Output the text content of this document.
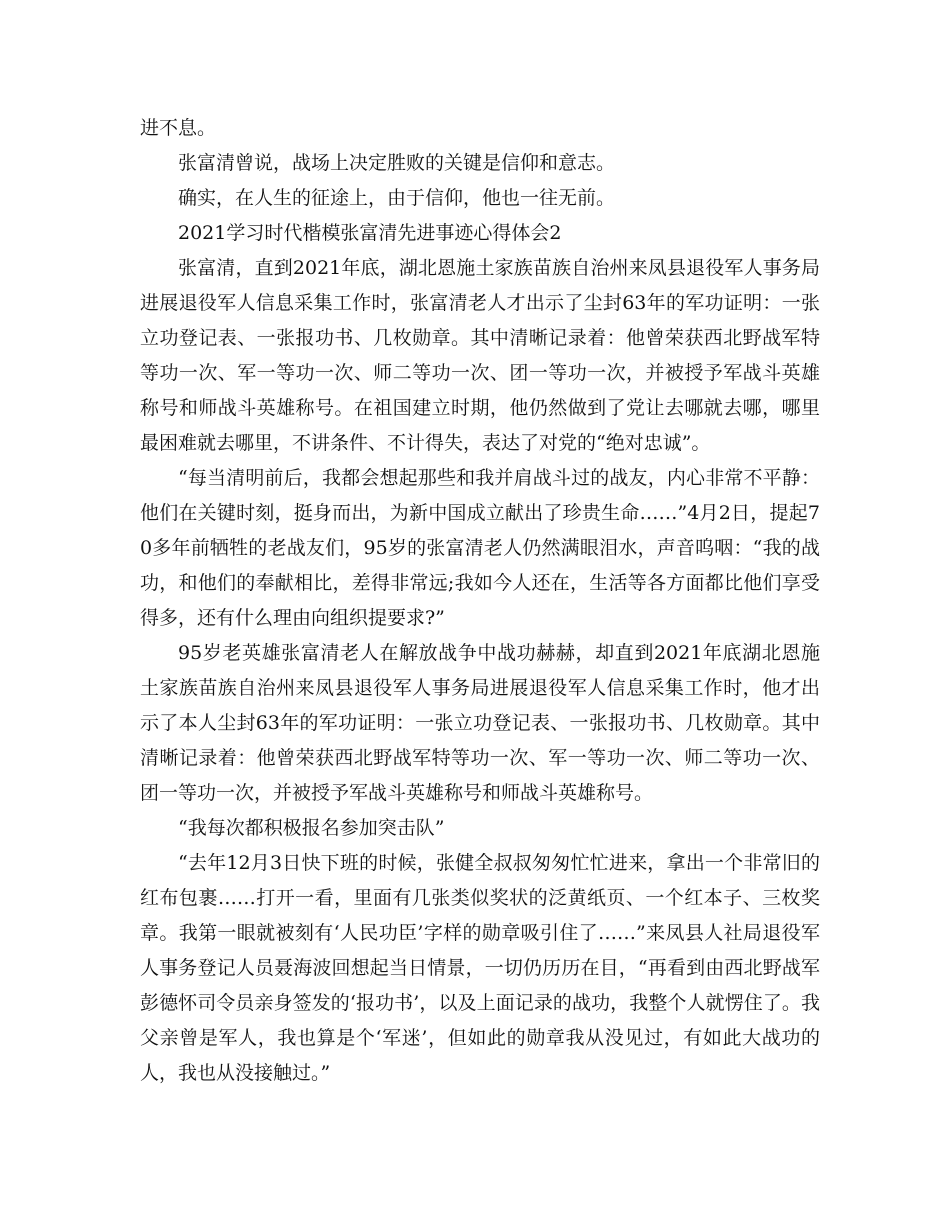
进不息。

张富清曾说，战场上决定胜败的关键是信仰和意志。

确实，在人生的征途上，由于信仰，他也一往无前。

2021学习时代楷模张富清先进事迹心得体会2

张富清，直到2021年底，湖北恩施土家族苗族自治州来凤县退役军人事务局进展退役军人信息采集工作时，张富清老人才出示了尘封63年的军功证明：一张立功登记表、一张报功书、几枚勋章。其中清晰记录着：他曾荣获西北野战军特等功一次、军一等功一次、师二等功一次、团一等功一次，并被授予军战斗英雄称号和师战斗英雄称号。在祖国建立时期，他仍然做到了党让去哪就去哪，哪里最困难就去哪里，不讲条件、不计得失，表达了对党的“绝对忠诚”。

“每当清明前后，我都会想起那些和我并肩战斗过的战友，内心非常不平静：他们在关键时刻，挺身而出，为新中国成立献出了珍贵生命……”4月2日，提起70多年前牺牲的老战友们，95岁的张富清老人仍然满眼泪水，声音呜咽：“我的战功，和他们的奉献相比，差得非常远;我如今人还在，生活等各方面都比他们享受得多，还有什么理由向组织提要求?”

95岁老英雄张富清老人在解放战争中战功赫赫，却直到2021年底湖北恩施土家族苗族自治州来凤县退役军人事务局进展退役军人信息采集工作时，他才出示了本人尘封63年的军功证明：一张立功登记表、一张报功书、几枚勋章。其中清晰记录着：他曾荣获西北野战军特等功一次、军一等功一次、师二等功一次、团一等功一次，并被授予军战斗英雄称号和师战斗英雄称号。

“我每次都积极报名参加突击队”

“去年12月3日快下班的时候，张健全叔叔匆匆忙忙进来，拿出一个非常旧的红布包裹……打开一看，里面有几张类似奖状的泛黄纸页、一个红本子、三枚奖章。我第一眼就被刻有‘人民功臣’字样的勋章吸引住了……”来凤县人社局退役军人事务登记人员聂海波回想起当日情景，一切仍历历在目，“再看到由西北野战军彭德怀司令员亲身签发的‘报功书’，以及上面记录的战功，我整个人就愣住了。我父亲曾是军人，我也算是个‘军迷’，但如此的勋章我从没见过，有如此大战功的人，我也从没接触过。”
